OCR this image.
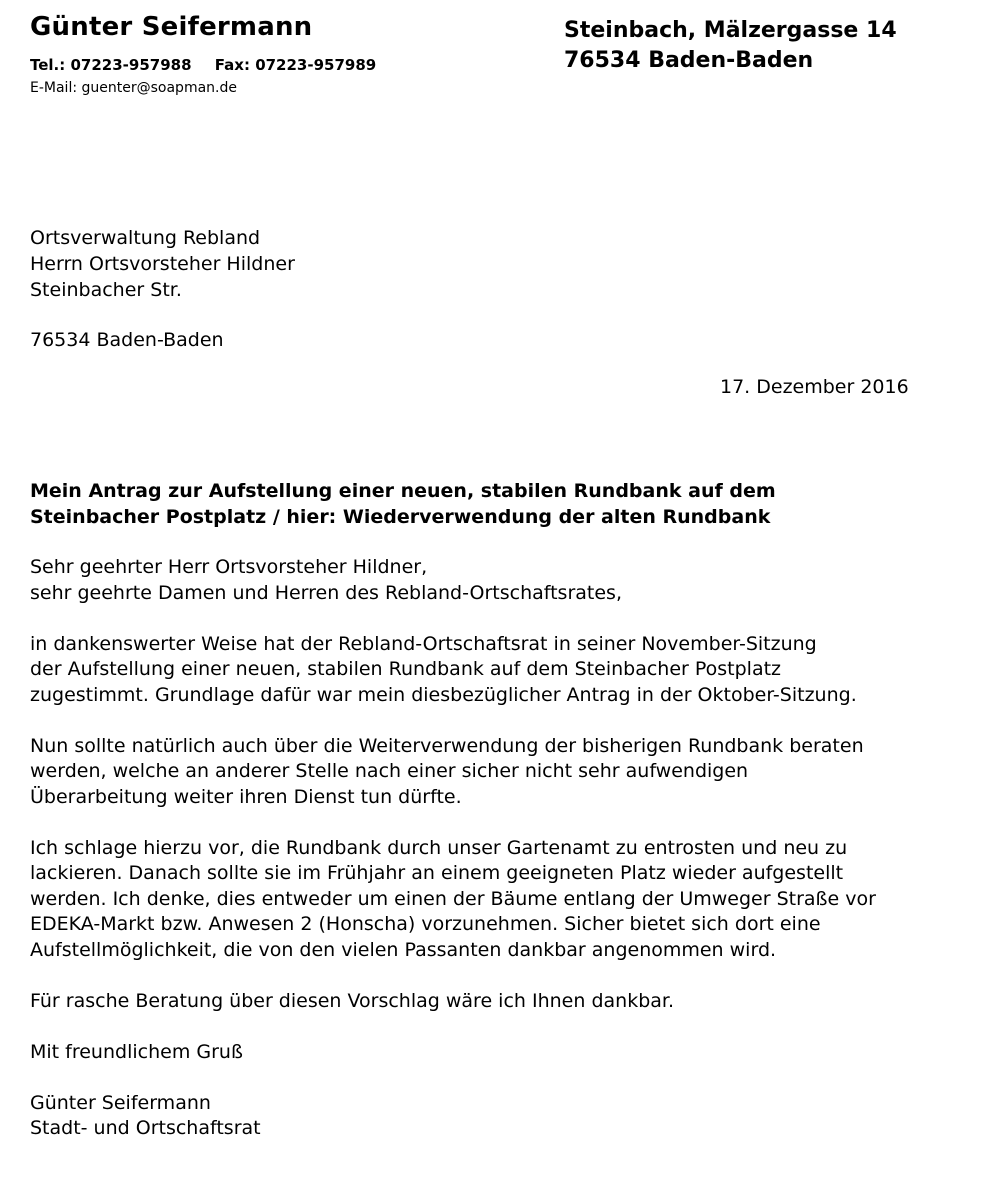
Günter Seifermann
Tel.: 07223-957988 Fax: 07223-957989
E-Mail: guenter@soapman.de
Steinbach, Mälzergasse 14
76534 Baden-Baden
Ortsverwaltung Rebland
Herrn Ortsvorsteher Hildner
Steinbacher Str.
76534 Baden-Baden
17. Dezember 2016
Mein Antrag zur Aufstellung einer neuen, stabilen Rundbank auf dem
Steinbacher Postplatz / hier: Wiederverwendung der alten Rundbank
Sehr geehrter Herr Ortsvorsteher Hildner,
sehr geehrte Damen und Herren des Rebland-Ortschaftsrates,
in dankenswerter Weise hat der Rebland-Ortschaftsrat in seiner November-Sitzung
der Aufstellung einer neuen, stabilen Rundbank auf dem Steinbacher Postplatz
zugestimmt. Grundlage dafür war mein diesbezüglicher Antrag in der Oktober-Sitzung.
Nun sollte natürlich auch über die Weiterverwendung der bisherigen Rundbank beraten
werden, welche an anderer Stelle nach einer sicher nicht sehr aufwendigen
Überarbeitung weiter ihren Dienst tun dürfte.
Ich schlage hierzu vor, die Rundbank durch unser Gartenamt zu entrosten und neu zu
lackieren. Danach sollte sie im Frühjahr an einem geeigneten Platz wieder aufgestellt
werden. Ich denke, dies entweder um einen der Bäume entlang der Umweger Straße vor
EDEKA-Markt bzw. Anwesen 2 (Honscha) vorzunehmen. Sicher bietet sich dort eine
Aufstellmöglichkeit, die von den vielen Passanten dankbar angenommen wird.
Für rasche Beratung über diesen Vorschlag wäre ich Ihnen dankbar.
Mit freundlichem Gruß
Günter Seifermann
Stadt- und Ortschaftsrat
